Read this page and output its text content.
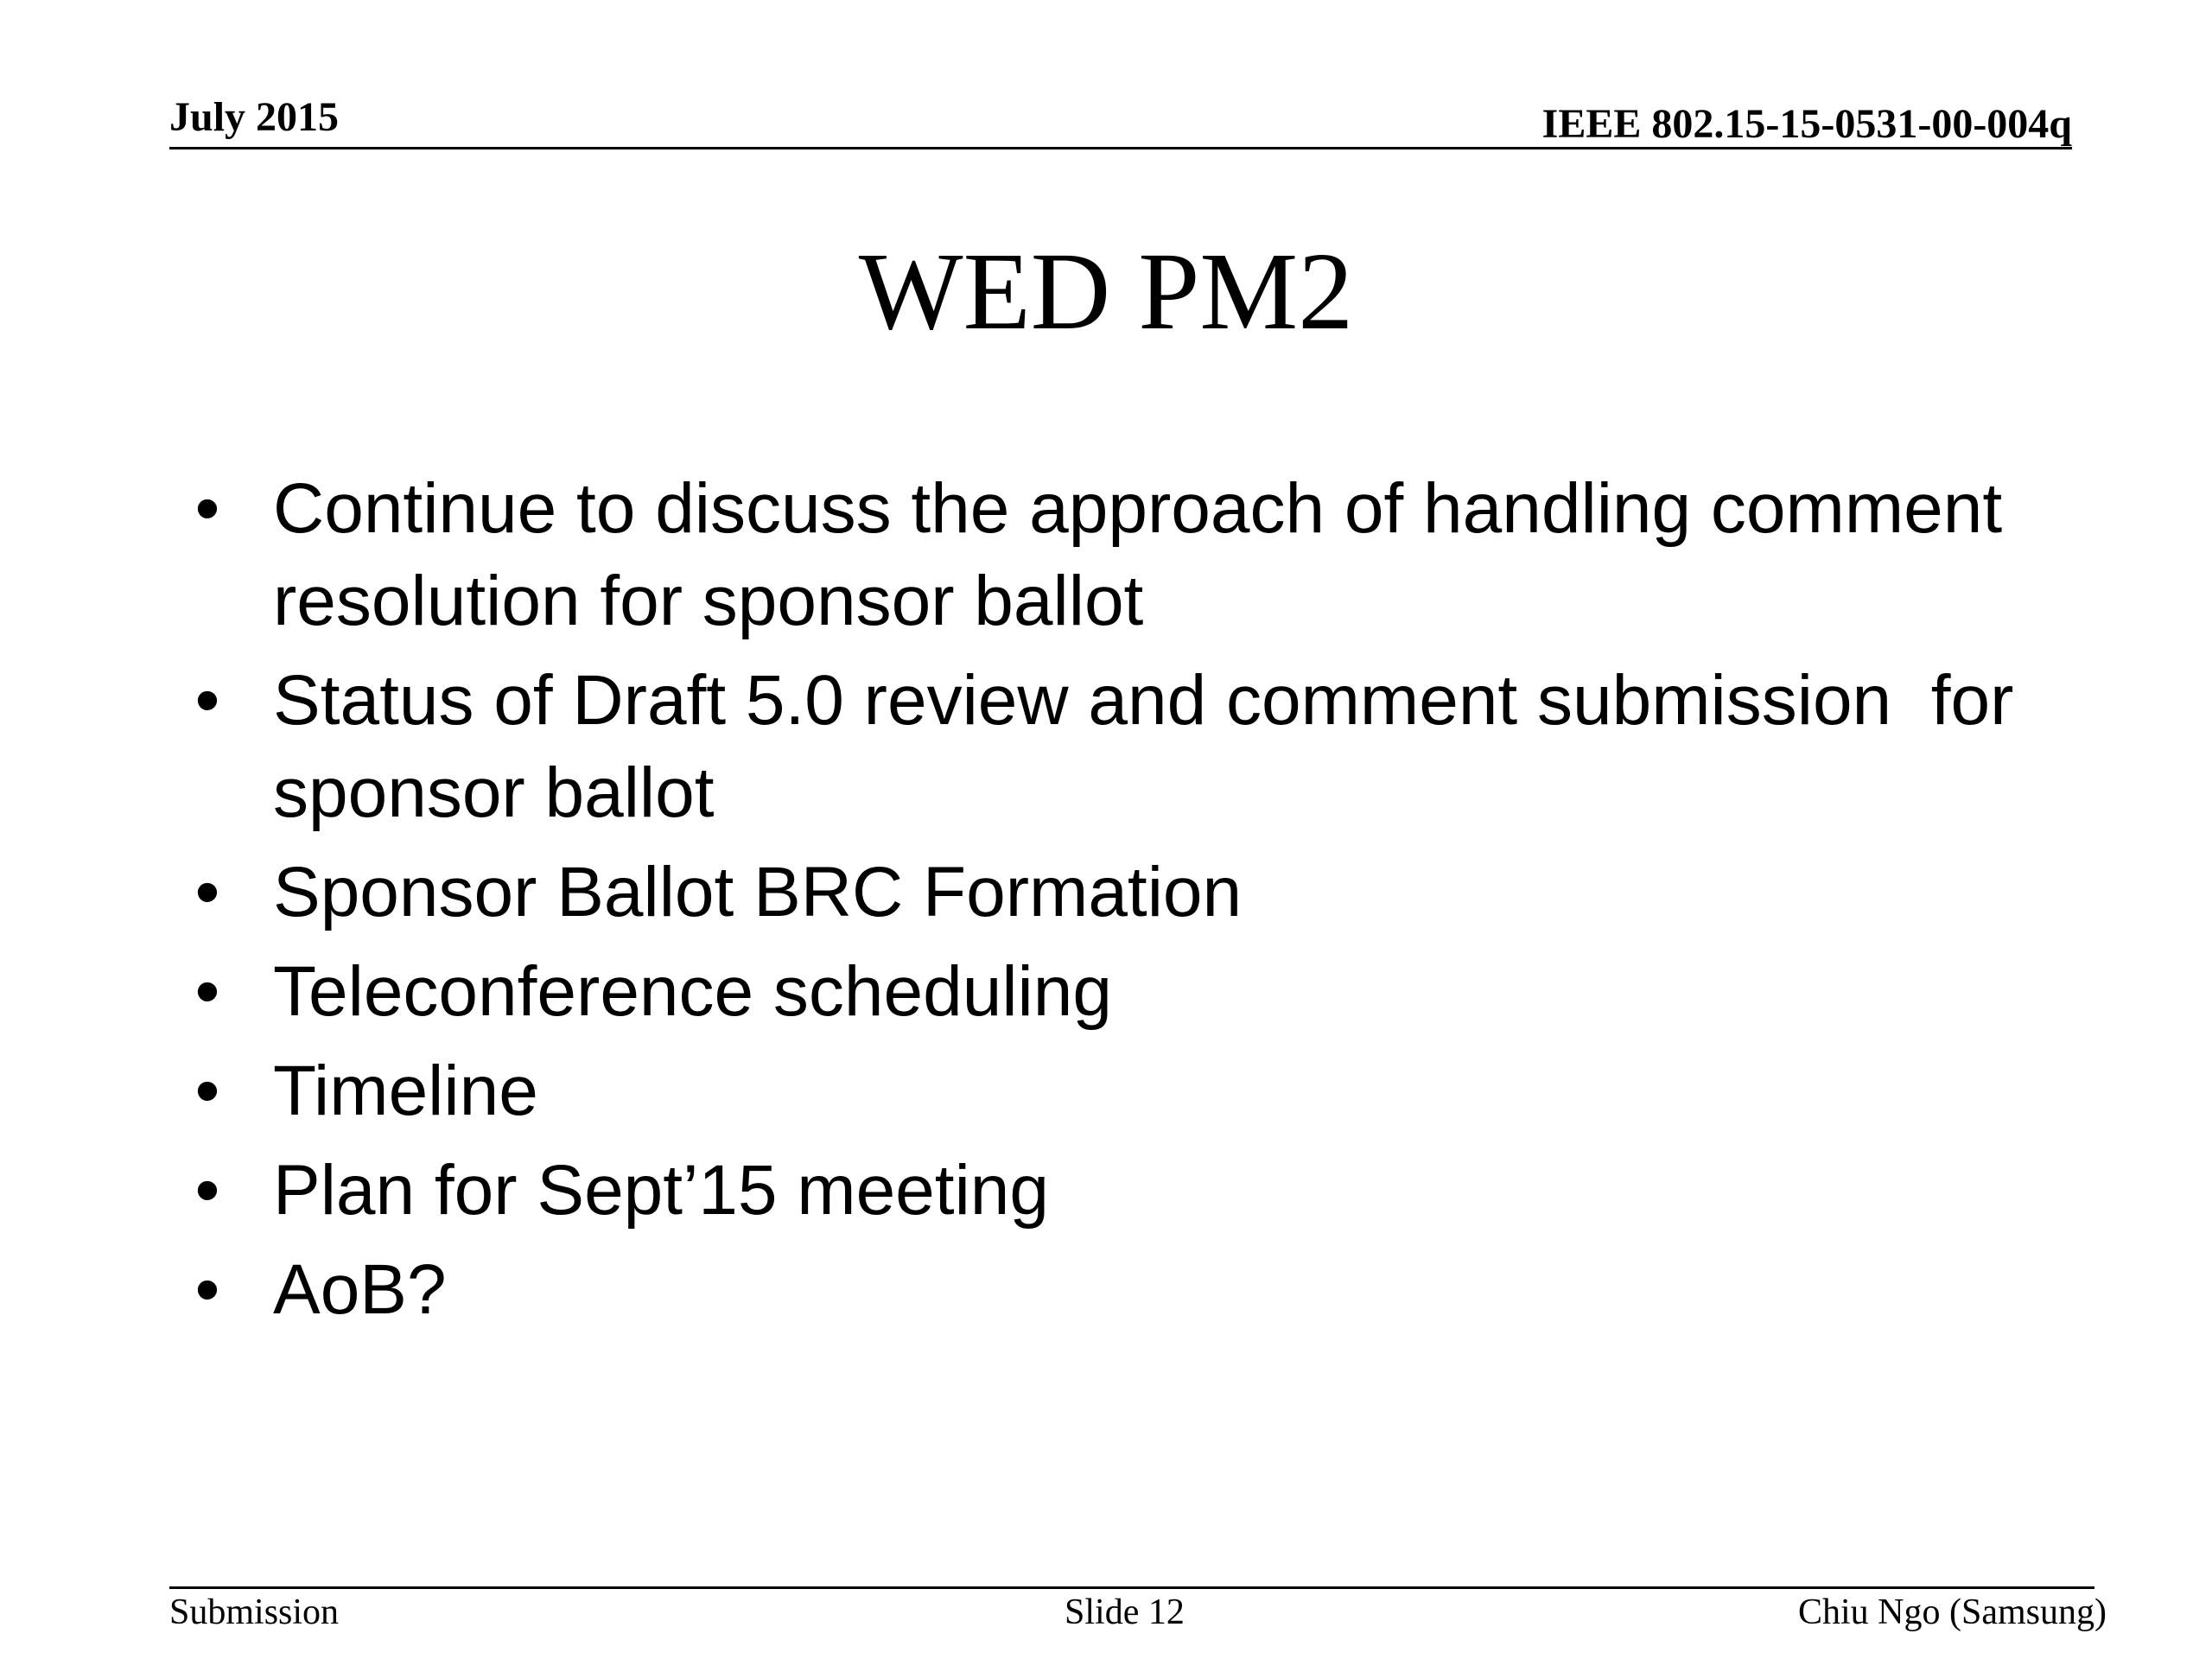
July 2015	IEEE 802.15-15-0531-00-004q
WED PM2
• Continue to discuss the approach of handling comment resolution for sponsor ballot
• Status of Draft 5.0 review and comment submission  for sponsor ballot
• Sponsor Ballot BRC Formation
• Teleconference scheduling
• Timeline
• Plan for Sept’15 meeting
• AoB?
Submission	Slide 12	Chiu Ngo (Samsung)
